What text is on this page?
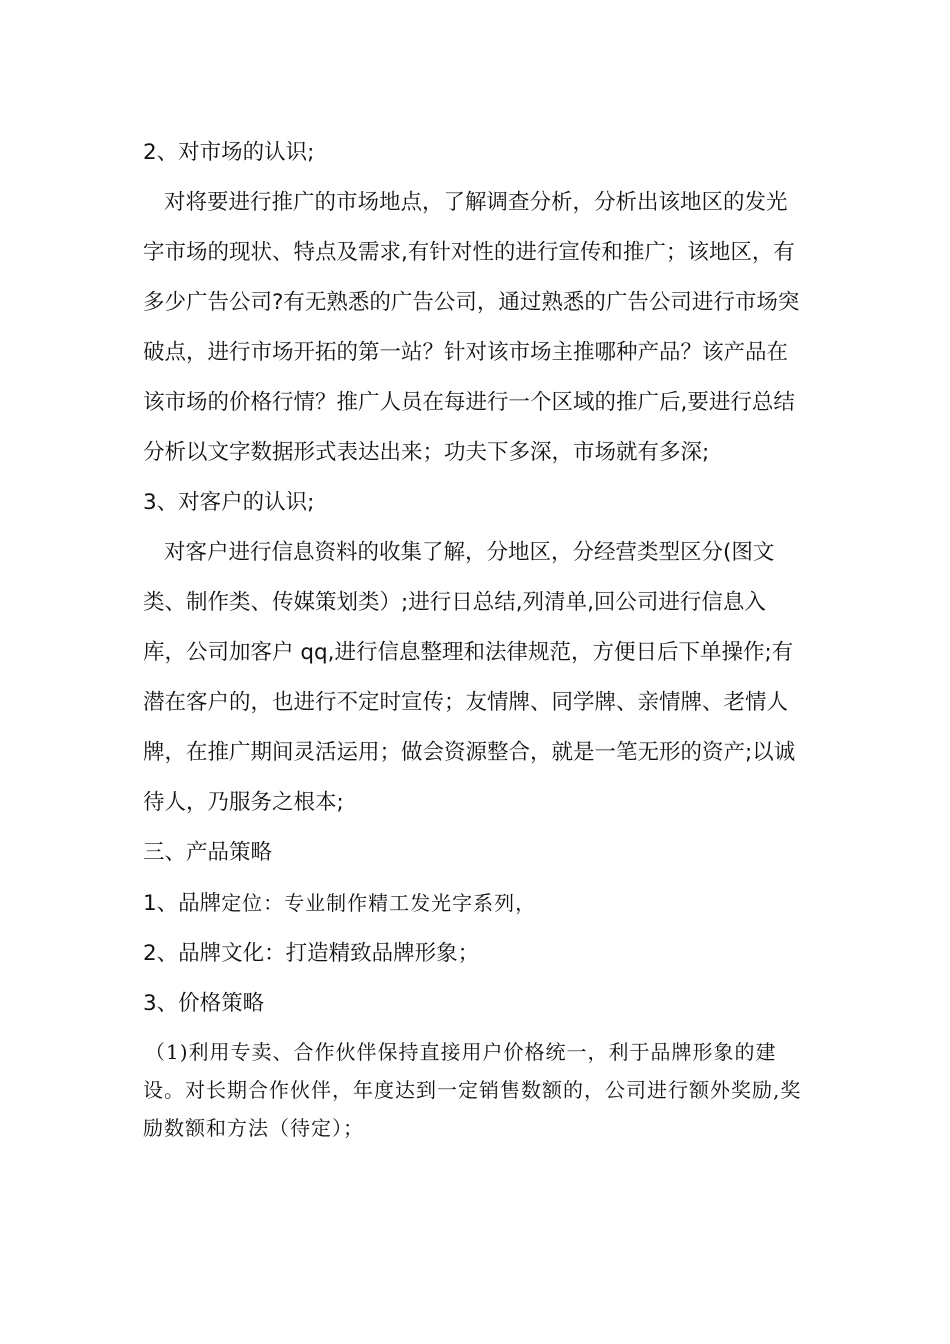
2、对市场的认识;

对将要进行推广的市场地点，了解调查分析，分析出该地区的发光字市场的现状、特点及需求,有针对性的进行宣传和推广；该地区，有多少广告公司?有无熟悉的广告公司，通过熟悉的广告公司进行市场突破点，进行市场开拓的第一站？针对该市场主推哪种产品？该产品在该市场的价格行情？推广人员在每进行一个区域的推广后,要进行总结分析以文字数据形式表达出来；功夫下多深，市场就有多深;

3、对客户的认识;

对客户进行信息资料的收集了解，分地区，分经营类型区分(图文类、制作类、传媒策划类）;进行日总结,列清单,回公司进行信息入库，公司加客户 qq,进行信息整理和法律规范，方便日后下单操作;有潜在客户的，也进行不定时宣传；友情牌、同学牌、亲情牌、老情人牌，在推广期间灵活运用；做会资源整合，就是一笔无形的资产;以诚待人，乃服务之根本;

三、产品策略

1、品牌定位：专业制作精工发光字系列，

2、品牌文化：打造精致品牌形象；

3、价格策略

（1)利用专卖、合作伙伴保持直接用户价格统一，利于品牌形象的建设。对长期合作伙伴，年度达到一定销售数额的，公司进行额外奖励,奖励数额和方法（待定）；
